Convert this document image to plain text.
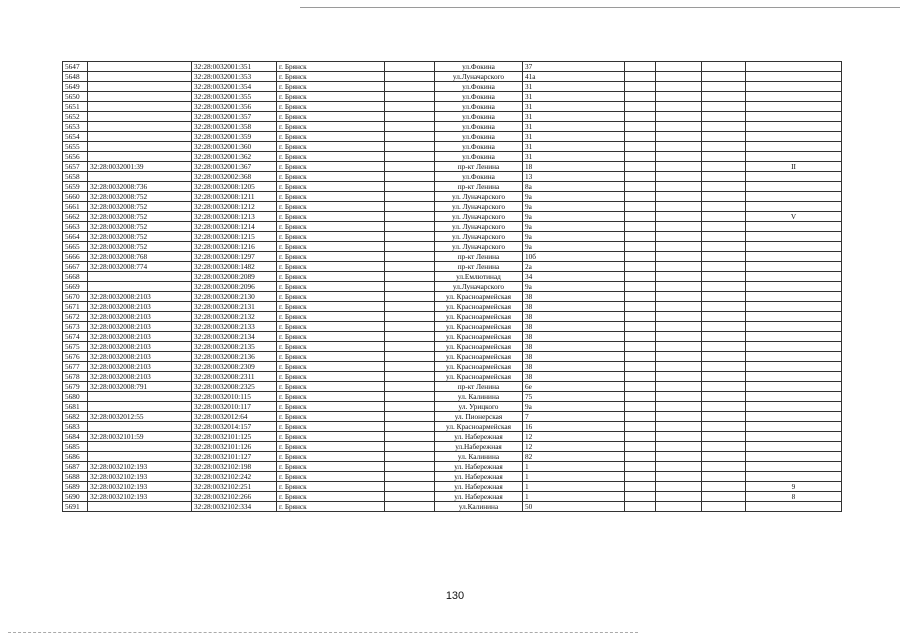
5647		32:28:0032001:351	г. Брянск		ул.Фокина	37				
5648		32:28:0032001:353	г. Брянск		ул.Луначарского	41а				
5649		32:28:0032001:354	г. Брянск		ул.Фокина	31				
5650		32:28:0032001:355	г. Брянск		ул.Фокина	31				
5651		32:28:0032001:356	г. Брянск		ул.Фокина	31				
5652		32:28:0032001:357	г. Брянск		ул.Фокина	31				
5653		32:28:0032001:358	г. Брянск		ул.Фокина	31				
5654		32:28:0032001:359	г. Брянск		ул.Фокина	31				
5655		32:28:0032001:360	г. Брянск		ул.Фокина	31				
5656		32:28:0032001:362	г. Брянск		ул.Фокина	31				
5657	32:28:0032001:39	32:28:0032001:367	г. Брянск		пр-кт Ленина	18				II
5658		32:28:0032002:368	г. Брянск		ул.Фокина	13				
5659	32:28:0032008:736	32:28:0032008:1205	г. Брянск		пр-кт Ленина	8а				
5660	32:28:0032008:752	32:28:0032008:1211	г. Брянск		ул. Луначарского	9а				
5661	32:28:0032008:752	32:28:0032008:1212	г. Брянск		ул. Луначарского	9а				
5662	32:28:0032008:752	32:28:0032008:1213	г. Брянск		ул. Луначарского	9а				V
5663	32:28:0032008:752	32:28:0032008:1214	г. Брянск		ул. Луначарского	9а				
5664	32:28:0032008:752	32:28:0032008:1215	г. Брянск		ул. Луначарского	9а				
5665	32:28:0032008:752	32:28:0032008:1216	г. Брянск		ул. Луначарского	9а				
5666	32:28:0032008:768	32:28:0032008:1297	г. Брянск		пр-кт Ленина	10б				
5667	32:28:0032008:774	32:28:0032008:1482	г. Брянск		пр-кт Ленина	2а				
5668		32:28:0032008:2089	г. Брянск		ул.Емлютинад	34				
5669		32:28:0032008:2096	г. Брянск		ул.Луначарского	9а				
5670	32:28:0032008:2103	32:28:0032008:2130	г. Брянск		ул. Красноармейская	38				
5671	32:28:0032008:2103	32:28:0032008:2131	г. Брянск		ул. Красноармейская	38				
5672	32:28:0032008:2103	32:28:0032008:2132	г. Брянск		ул. Красноармейская	38				
5673	32:28:0032008:2103	32:28:0032008:2133	г. Брянск		ул. Красноармейская	38				
5674	32:28:0032008:2103	32:28:0032008:2134	г. Брянск		ул. Красноармейская	38				
5675	32:28:0032008:2103	32:28:0032008:2135	г. Брянск		ул. Красноармейская	38				
5676	32:28:0032008:2103	32:28:0032008:2136	г. Брянск		ул. Красноармейская	38				
5677	32:28:0032008:2103	32:28:0032008:2309	г. Брянск		ул. Красноармейская	38				
5678	32:28:0032008:2103	32:28:0032008:2311	г. Брянск		ул. Красноармейская	38				
5679	32:28:0032008:791	32:28:0032008:2325	г. Брянск		пр-кт Ленина	6е				
5680		32:28:0032010:115	г. Брянск		ул. Калинина	75				
5681		32:28:0032010:117	г. Брянск		ул. Урицкого	9а				
5682	32:28:0032012:55	32:28:0032012:64	г. Брянск		ул. Пионерская	7				
5683		32:28:0032014:157	г. Брянск		ул. Красноармейская	16				
5684	32:28:0032101:59	32:28:0032101:125	г. Брянск		ул. Набережная	12				
5685		32:28:0032101:126	г. Брянск		ул.Набережная	12				
5686		32:28:0032101:127	г. Брянск		ул. Калинина	82				
5687	32:28:0032102:193	32:28:0032102:198	г. Брянск		ул. Набережная	1				
5688	32:28:0032102:193	32:28:0032102:242	г. Брянск		ул. Набережная	1				
5689	32:28:0032102:193	32:28:0032102:251	г. Брянск		ул. Набережная	1				9
5690	32:28:0032102:193	32:28:0032102:266	г. Брянск		ул. Набережная	1				8
5691		32:28:0032102:334	г. Брянск		ул.Калинина	50				
130
